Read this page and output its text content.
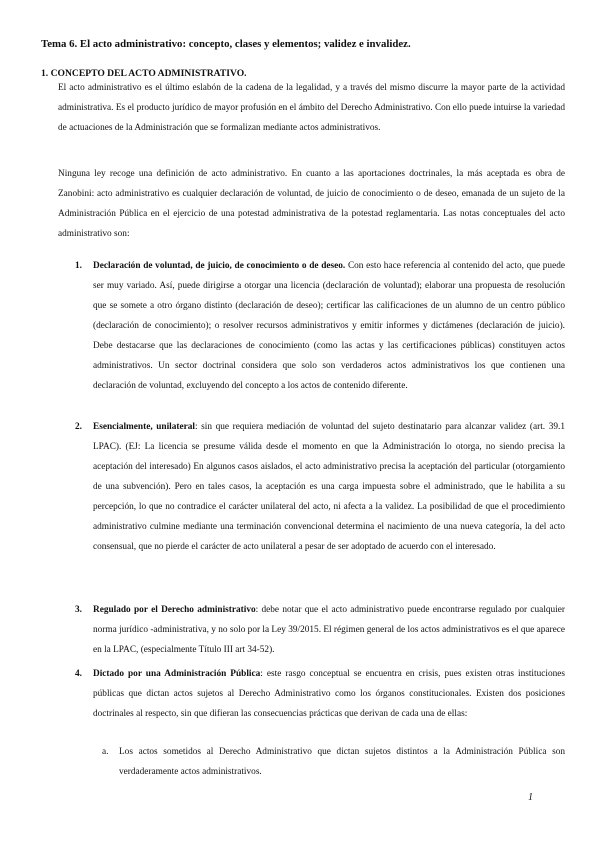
Tema 6. El acto administrativo: concepto, clases y elementos; validez e invalidez.
1. CONCEPTO DEL ACTO ADMINISTRATIVO.

El acto administrativo es el último eslabón de la cadena de la legalidad, y a través del mismo discurre la mayor parte de la actividad administrativa. Es el producto jurídico de mayor profusión en el ámbito del Derecho Administrativo. Con ello puede intuirse la variedad de actuaciones de la Administración que se formalizan mediante actos administrativos.

Ninguna ley recoge una definición de acto administrativo. En cuanto a las aportaciones doctrinales, la más aceptada es obra de Zanobini: acto administrativo es cualquier declaración de voluntad, de juicio de conocimiento o de deseo, emanada de un sujeto de la Administración Pública en el ejercicio de una potestad administrativa de la potestad reglamentaria. Las notas conceptuales del acto administrativo son:

1. Declaración de voluntad, de juicio, de conocimiento o de deseo. Con esto hace referencia al contenido del acto, que puede ser muy variado. Así, puede dirigirse a otorgar una licencia (declaración de voluntad); elaborar una propuesta de resolución que se somete a otro órgano distinto (declaración de deseo); certificar las calificaciones de un alumno de un centro público (declaración de conocimiento); o resolver recursos administrativos y emitir informes y dictámenes (declaración de juicio). Debe destacarse que las declaraciones de conocimiento (como las actas y las certificaciones públicas) constituyen actos administrativos. Un sector doctrinal considera que solo son verdaderos actos administrativos los que contienen una declaración de voluntad, excluyendo del concepto a los actos de contenido diferente.

2. Esencialmente, unilateral: sin que requiera mediación de voluntad del sujeto destinatario para alcanzar validez (art. 39.1 LPAC). (EJ: La licencia se presume válida desde el momento en que la Administración lo otorga, no siendo precisa la aceptación del interesado) En algunos casos aislados, el acto administrativo precisa la aceptación del particular (otorgamiento de una subvención). Pero en tales casos, la aceptación es una carga impuesta sobre el administrado, que le habilita a su percepción, lo que no contradice el carácter unilateral del acto, ni afecta a la validez. La posibilidad de que el procedimiento administrativo culmine mediante una terminación convencional determina el nacimiento de una nueva categoría, la del acto consensual, que no pierde el carácter de acto unilateral a pesar de ser adoptado de acuerdo con el interesado.

3. Regulado por el Derecho administrativo: debe notar que el acto administrativo puede encontrarse regulado por cualquier norma jurídico -administrativa, y no solo por la Ley 39/2015. El régimen general de los actos administrativos es el que aparece en la LPAC, (especialmente Título III art 34-52).

4. Dictado por una Administración Pública: este rasgo conceptual se encuentra en crisis, pues existen otras instituciones públicas que dictan actos sujetos al Derecho Administrativo como los órganos constitucionales. Existen dos posiciones doctrinales al respecto, sin que difieran las consecuencias prácticas que derivan de cada una de ellas:

a. Los actos sometidos al Derecho Administrativo que dictan sujetos distintos a la Administración Pública son verdaderamente actos administrativos.

1
